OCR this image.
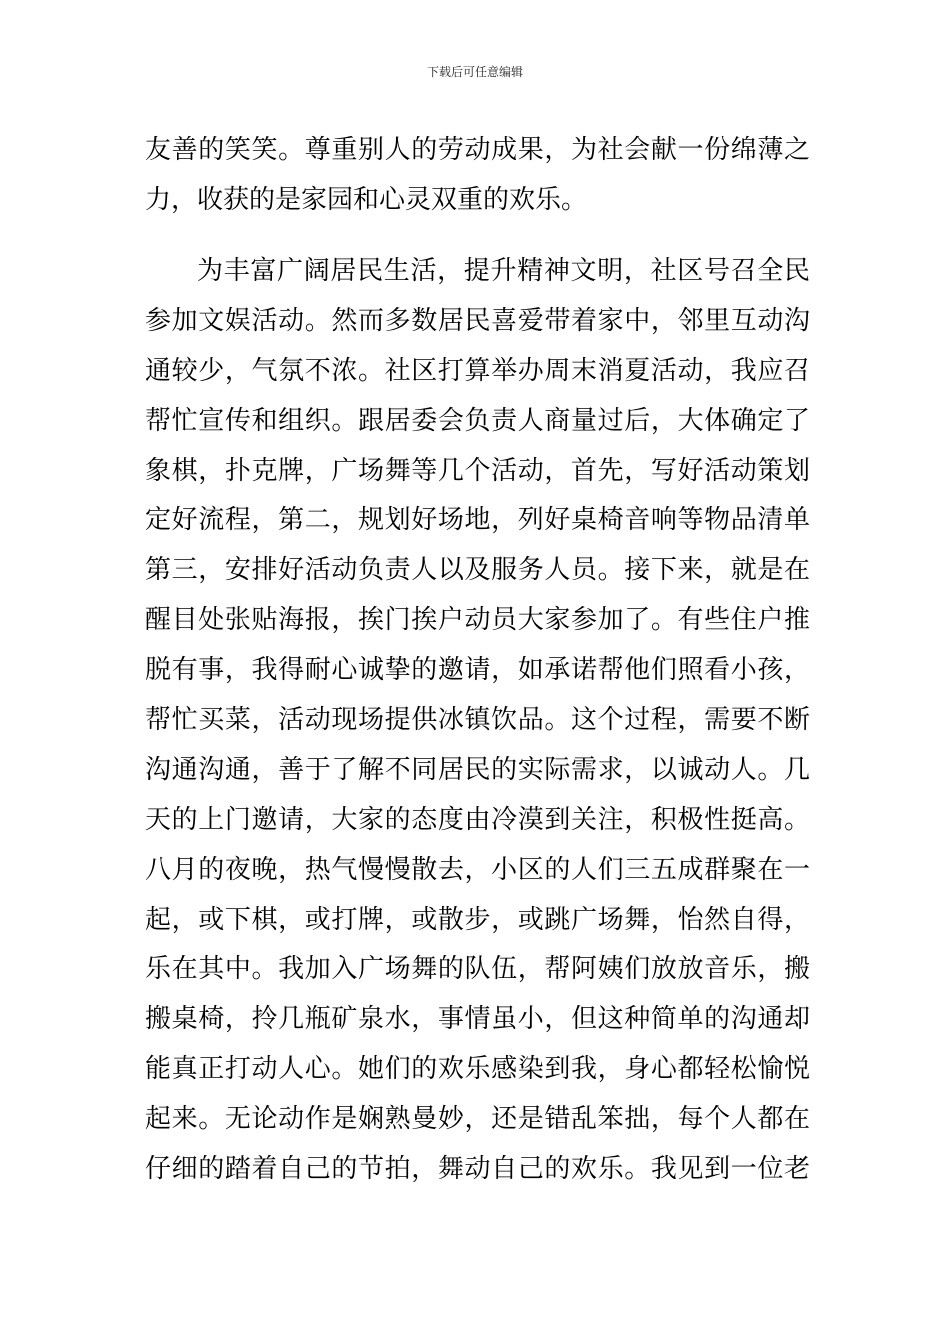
下载后可任意编辑
友善的笑笑。尊重别人的劳动成果，为社会献一份绵薄之
力，收获的是家园和心灵双重的欢乐。
为丰富广阔居民生活，提升精神文明，社区号召全民
参加文娱活动。然而多数居民喜爱带着家中，邻里互动沟
通较少，气氛不浓。社区打算举办周末消夏活动，我应召
帮忙宣传和组织。跟居委会负责人商量过后，大体确定了
象棋，扑克牌，广场舞等几个活动，首先，写好活动策划
定好流程，第二，规划好场地，列好桌椅音响等物品清单
第三，安排好活动负责人以及服务人员。接下来，就是在
醒目处张贴海报，挨门挨户动员大家参加了。有些住户推
脱有事，我得耐心诚挚的邀请，如承诺帮他们照看小孩，
帮忙买菜，活动现场提供冰镇饮品。这个过程，需要不断
沟通沟通，善于了解不同居民的实际需求，以诚动人。几
天的上门邀请，大家的态度由冷漠到关注，积极性挺高。
八月的夜晚，热气慢慢散去，小区的人们三五成群聚在一
起，或下棋，或打牌，或散步，或跳广场舞，怡然自得，
乐在其中。我加入广场舞的队伍，帮阿姨们放放音乐，搬
搬桌椅，拎几瓶矿泉水，事情虽小，但这种简单的沟通却
能真正打动人心。她们的欢乐感染到我，身心都轻松愉悦
起来。无论动作是娴熟曼妙，还是错乱笨拙，每个人都在
仔细的踏着自己的节拍，舞动自己的欢乐。我见到一位老
